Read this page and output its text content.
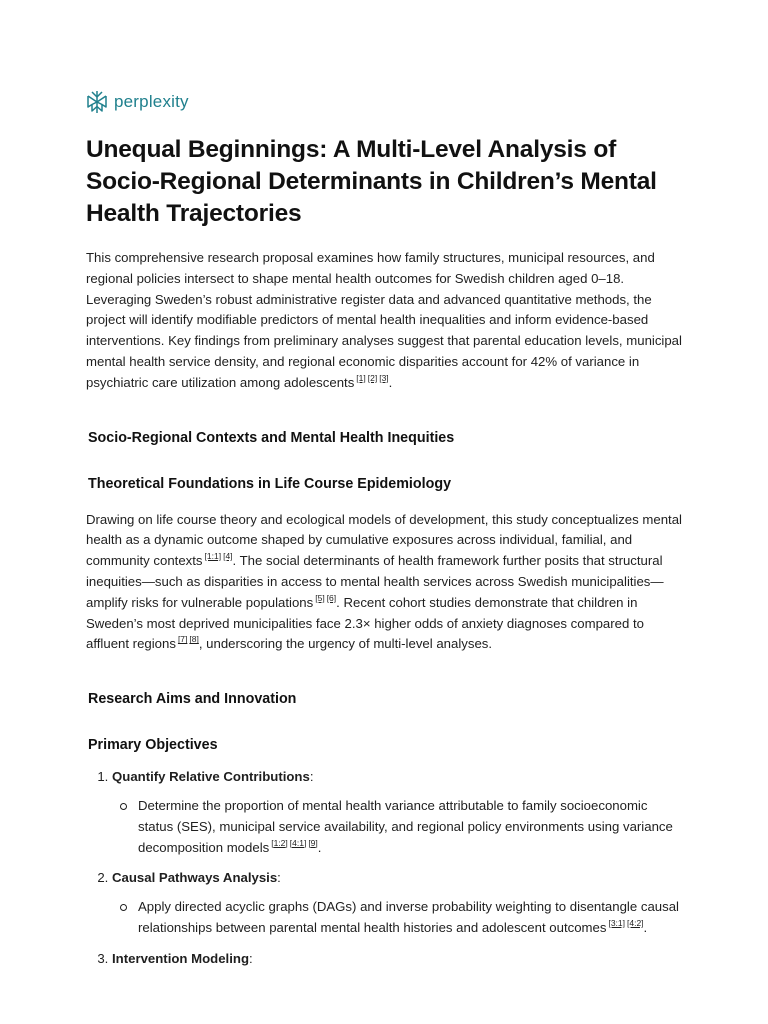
perplexity
Unequal Beginnings: A Multi-Level Analysis of Socio-Regional Determinants in Children’s Mental Health Trajectories

This comprehensive research proposal examines how family structures, municipal resources, and regional policies intersect to shape mental health outcomes for Swedish children aged 0–18. Leveraging Sweden’s robust administrative register data and advanced quantitative methods, the project will identify modifiable predictors of mental health inequalities and inform evidence-based interventions. Key findings from preliminary analyses suggest that parental education levels, municipal mental health service density, and regional economic disparities account for 42% of variance in psychiatric care utilization among adolescents [1] [2] [3].

Socio-Regional Contexts and Mental Health Inequities
Theoretical Foundations in Life Course Epidemiology

Drawing on life course theory and ecological models of development, this study conceptualizes mental health as a dynamic outcome shaped by cumulative exposures across individual, familial, and community contexts [1:1] [4]. The social determinants of health framework further posits that structural inequities—such as disparities in access to mental health services across Swedish municipalities—amplify risks for vulnerable populations [5] [6]. Recent cohort studies demonstrate that children in Sweden’s most deprived municipalities face 2.3× higher odds of anxiety diagnoses compared to affluent regions [7] [8], underscoring the urgency of multi-level analyses.

Research Aims and Innovation
Primary Objectives
1. Quantify Relative Contributions:
Determine the proportion of mental health variance attributable to family socioeconomic status (SES), municipal service availability, and regional policy environments using variance decomposition models [1:2] [4:1] [9].
2. Causal Pathways Analysis:
Apply directed acyclic graphs (DAGs) and inverse probability weighting to disentangle causal relationships between parental mental health histories and adolescent outcomes [3:1] [4:2].
3. Intervention Modeling:
